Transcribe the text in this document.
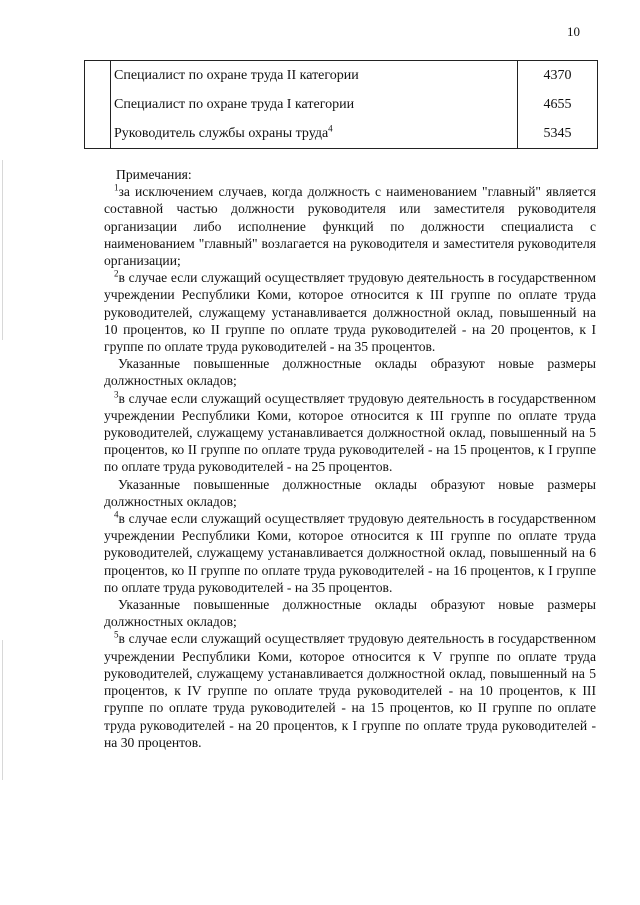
10
	Специалист по охране труда II категории	4370
	Специалист по охране труда I категории	4655
	Руководитель службы охраны труда$^4$	5345

Примечания:

$^1$за исключением случаев, когда должность с наименованием "главный" является составной частью должности руководителя или заместителя руководителя организации либо исполнение функций по должности специалиста с наименованием "главный" возлагается на руководителя и заместителя руководителя организации;

$^2$в случае если служащий осуществляет трудовую деятельность в государственном учреждении Республики Коми, которое относится к III группе по оплате труда руководителей, служащему устанавливается должностной оклад, повышенный на 10 процентов, ко II группе по оплате труда руководителей - на 20 процентов, к I группе по оплате труда руководителей - на 35 процентов.

Указанные повышенные должностные оклады образуют новые размеры должностных окладов;

$^3$в случае если служащий осуществляет трудовую деятельность в государственном учреждении Республики Коми, которое относится к III группе по оплате труда руководителей, служащему устанавливается должностной оклад, повышенный на 5 процентов, ко II группе по оплате труда руководителей - на 15 процентов, к I группе по оплате труда руководителей - на 25 процентов.

Указанные повышенные должностные оклады образуют новые размеры должностных окладов;

$^4$в случае если служащий осуществляет трудовую деятельность в государственном учреждении Республики Коми, которое относится к III группе по оплате труда руководителей, служащему устанавливается должностной оклад, повышенный на 6 процентов, ко II группе по оплате труда руководителей - на 16 процентов, к I группе по оплате труда руководителей - на 35 процентов.

Указанные повышенные должностные оклады образуют новые размеры должностных окладов;

$^5$в случае если служащий осуществляет трудовую деятельность в государственном учреждении Республики Коми, которое относится к V группе по оплате труда руководителей, служащему устанавливается должностной оклад, повышенный на 5 процентов, к IV группе по оплате труда руководителей - на 10 процентов, к III группе по оплате труда руководителей - на 15 процентов, ко II группе по оплате труда руководителей - на 20 процентов, к I группе по оплате труда руководителей - на 30 процентов.
